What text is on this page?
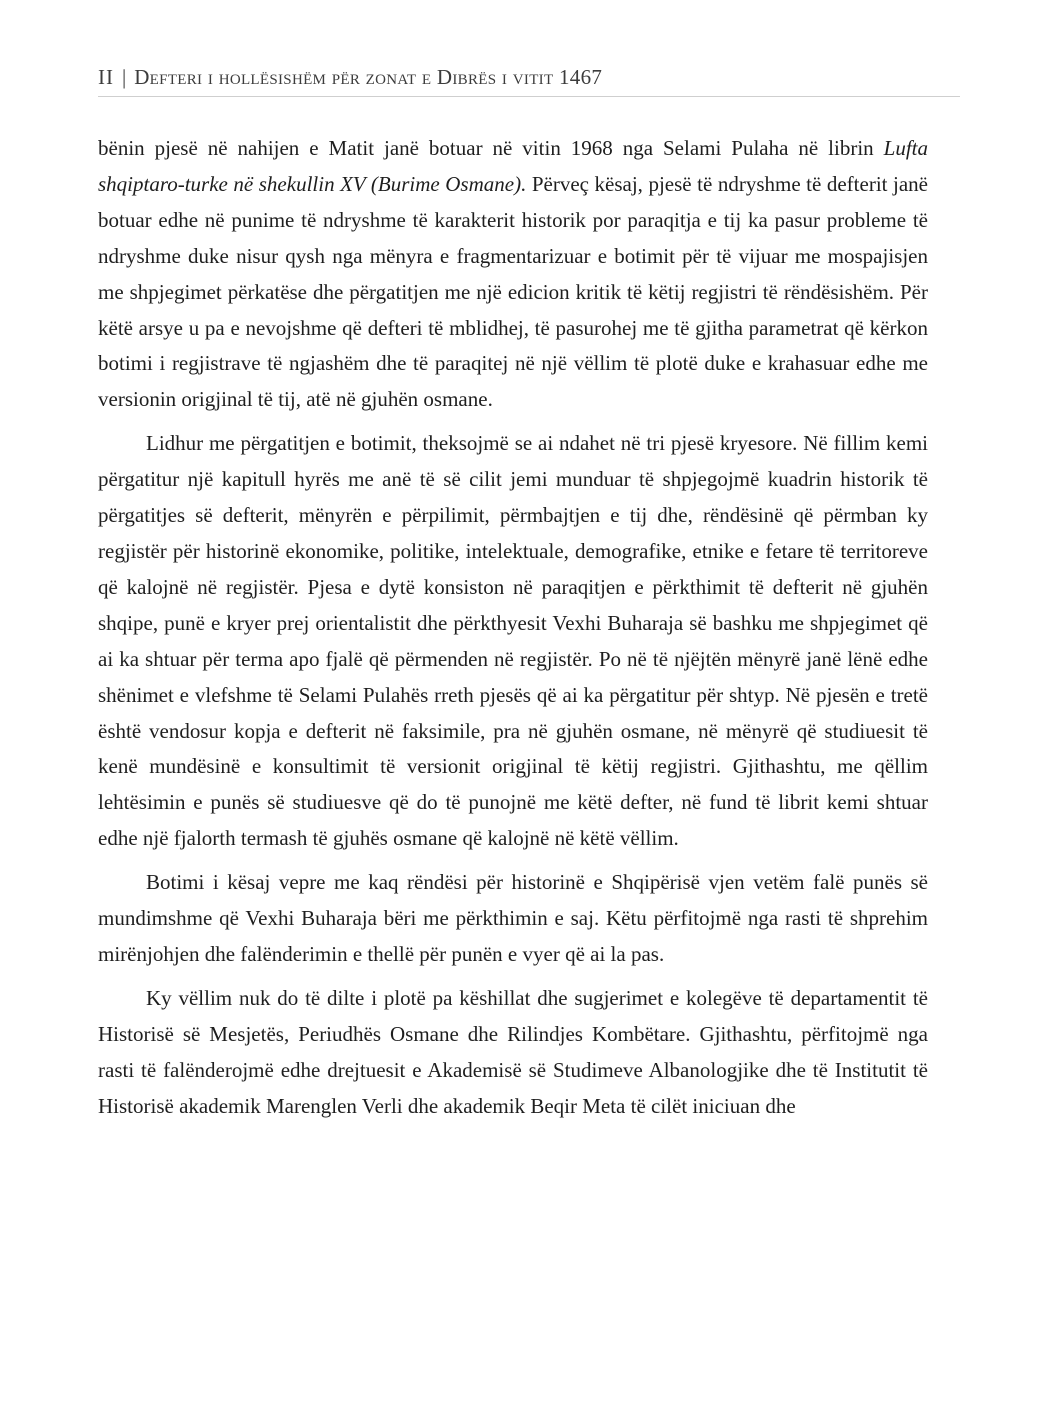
II | Defteri i hollësishëm për zonat e Dibrës i vitit 1467

bënin pjesë në nahijen e Matit janë botuar në vitin 1968 nga Selami Pulaha në librin Lufta shqiptaro-turke në shekullin XV (Burime Osmane). Përveç kësaj, pjesë të ndryshme të defterit janë botuar edhe në punime të ndryshme të karakterit historik por paraqitja e tij ka pasur probleme të ndryshme duke nisur qysh nga mënyra e fragmentarizuar e botimit për të vijuar me mospajisjen me shpjegimet përkatëse dhe përgatitjen me një edicion kritik të këtij regjistri të rëndësishëm. Për këtë arsye u pa e nevojshme që defteri të mblidhej, të pasurohej me të gjitha parametrat që kërkon botimi i regjistrave të ngjashëm dhe të paraqitej në një vëllim të plotë duke e krahasuar edhe me versionin origjinal të tij, atë në gjuhën osmane.

Lidhur me përgatitjen e botimit, theksojmë se ai ndahet në tri pjesë kryesore. Në fillim kemi përgatitur një kapitull hyrës me anë të së cilit jemi munduar të shpjegojmë kuadrin historik të përgatitjes së defterit, mënyrën e përpilimit, përmbajtjen e tij dhe, rëndësinë që përmban ky regjistër për historinë ekonomike, politike, intelektuale, demografike, etnike e fetare të territoreve që kalojnë në regjistër. Pjesa e dytë konsiston në paraqitjen e përkthimit të defterit në gjuhën shqipe, punë e kryer prej orientalistit dhe përkthyesit Vexhi Buharaja së bashku me shpjegimet që ai ka shtuar për terma apo fjalë që përmenden në regjistër. Po në të njëjtën mënyrë janë lënë edhe shënimet e vlefshme të Selami Pulahës rreth pjesës që ai ka përgatitur për shtyp. Në pjesën e tretë është vendosur kopja e defterit në faksimile, pra në gjuhën osmane, në mënyrë që studiuesit të kenë mundësinë e konsultimit të versionit origjinal të këtij regjistri. Gjithashtu, me qëllim lehtësimin e punës së studiuesve që do të punojnë me këtë defter, në fund të librit kemi shtuar edhe një fjalorth termash të gjuhës osmane që kalojnë në këtë vëllim.

Botimi i kësaj vepre me kaq rëndësi për historinë e Shqipërisë vjen vetëm falë punës së mundimshme që Vexhi Buharaja bëri me përkthimin e saj. Këtu përfitojmë nga rasti të shprehim mirënjohjen dhe falënderimin e thellë për punën e vyer që ai la pas.

Ky vëllim nuk do të dilte i plotë pa këshillat dhe sugjerimet e kolegëve të departamentit të Historisë së Mesjetës, Periudhës Osmane dhe Rilindjes Kombëtare. Gjithashtu, përfitojmë nga rasti të falënderojmë edhe drejtuesit e Akademisë së Studimeve Albanologjike dhe të Institutit të Historisë akademik Marenglen Verli dhe akademik Beqir Meta të cilët iniciuan dhe
